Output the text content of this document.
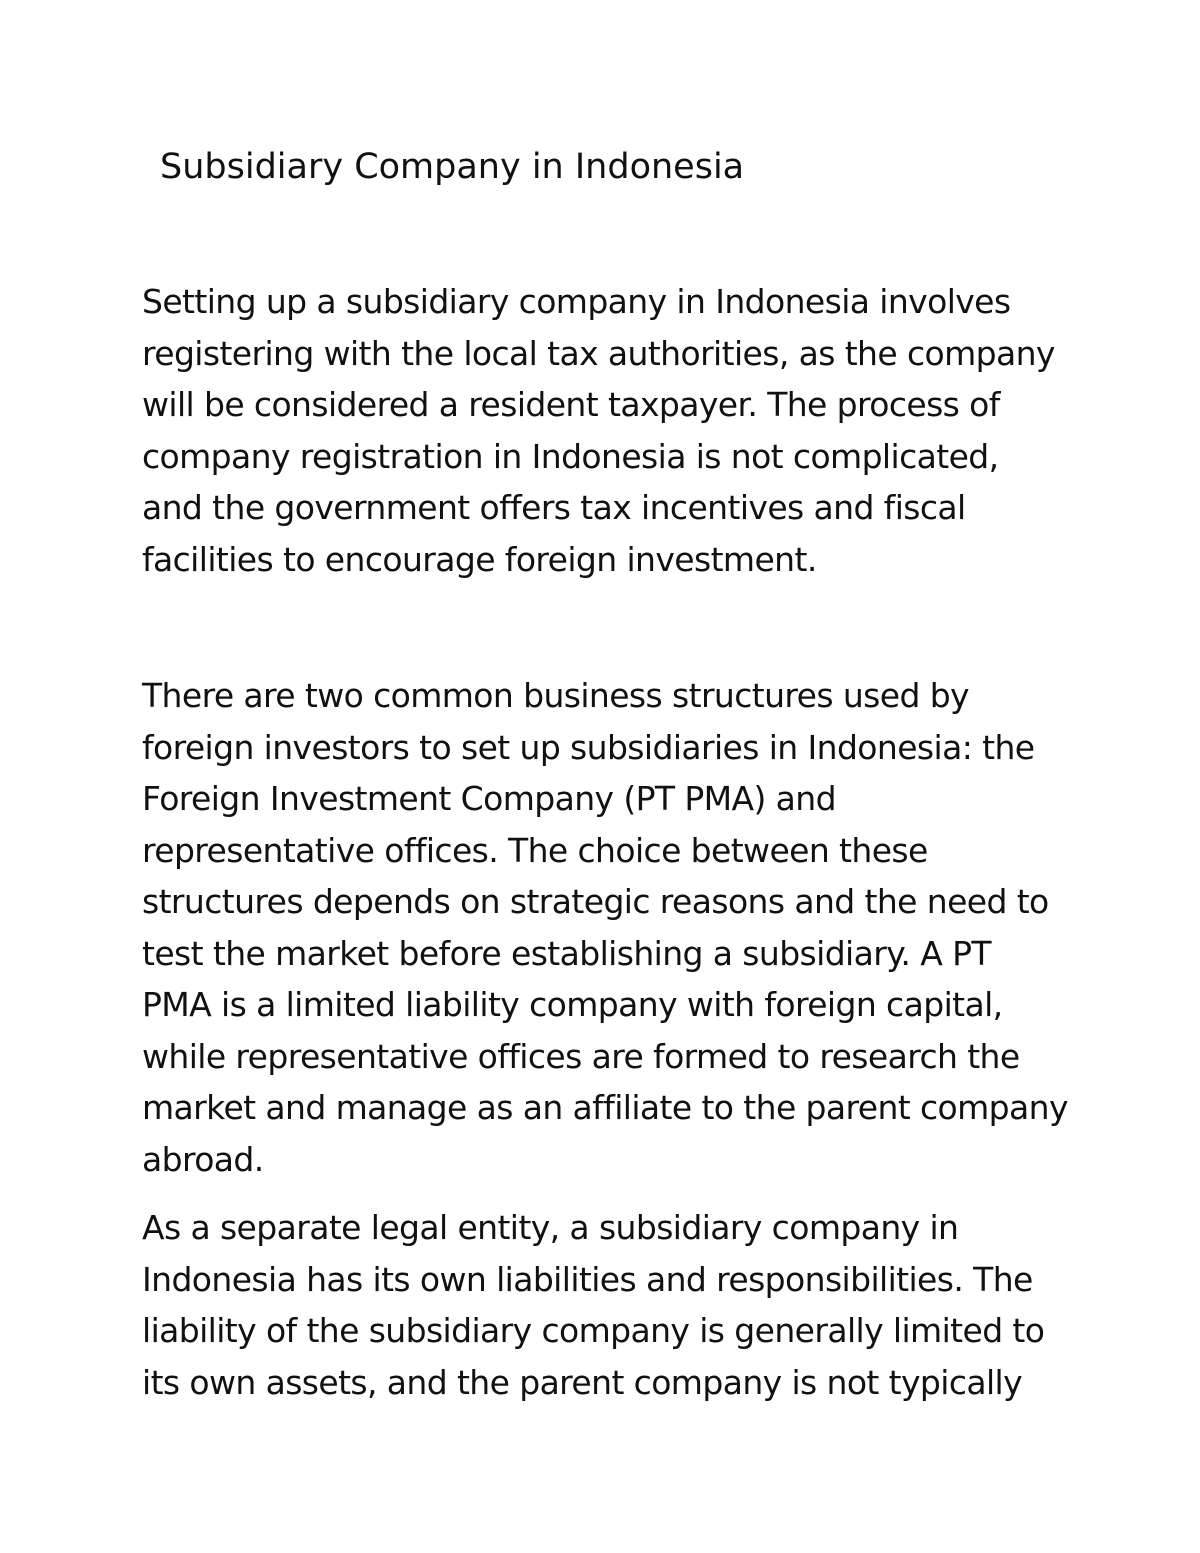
Subsidiary Company in Indonesia

Setting up a subsidiary company in Indonesia involves
registering with the local tax authorities, as the company
will be considered a resident taxpayer. The process of
company registration in Indonesia is not complicated,
and the government offers tax incentives and fiscal
facilities to encourage foreign investment.

There are two common business structures used by
foreign investors to set up subsidiaries in Indonesia: the
Foreign Investment Company (PT PMA) and
representative offices. The choice between these
structures depends on strategic reasons and the need to
test the market before establishing a subsidiary. A PT
PMA is a limited liability company with foreign capital,
while representative offices are formed to research the
market and manage as an affiliate to the parent company
abroad.

As a separate legal entity, a subsidiary company in
Indonesia has its own liabilities and responsibilities. The
liability of the subsidiary company is generally limited to
its own assets, and the parent company is not typically
